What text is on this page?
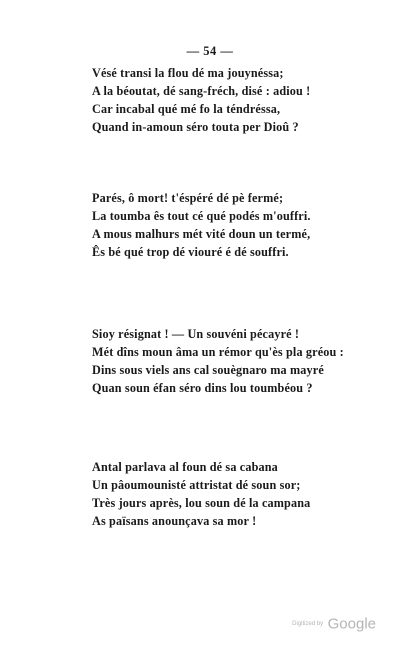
— 54 —
Vésé transi la flou dé ma jouynéssa;
A la béoutat, dé sang-fréch, disé : adiou !
Car incabal qué mé fo la téndréssa,
Quand in-amoun séro touta per Dioû ?
Parés, ô mort! t'éspéré dé pè fermé;
La toumba ês tout cé qué podés m'ouffri.
A mous malhurs mét vité doun un termé,
Ês bé qué trop dé viouré é dé souffri.
Sioy résignat ! — Un souvéni pécayré !
Mét dîns moun âma un rémor qu'ès pla gréou :
Dins sous viels ans cal souègnaro ma mayré
Quan soun éfan séro dins lou toumbéou ?
Antal parlava al foun dé sa cabana
Un pâoumounisté attristat dé soun sor;
Très jours après, lou soun dé la campana
As païsans anounçava sa mor !
Digitized by Google
